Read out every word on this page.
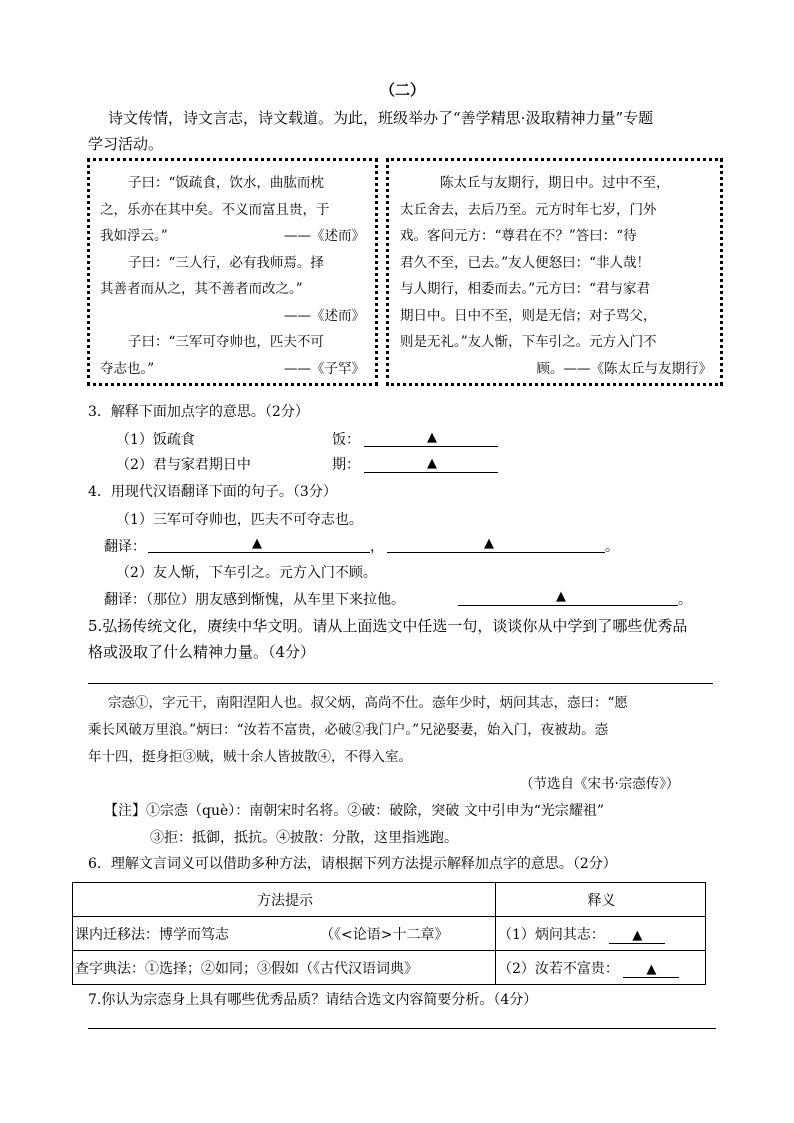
（二）
诗文传情，诗文言志，诗文载道。为此，班级举办了“善学精思·汲取精神力量”专题
学习活动。

子曰：“饭疏食，饮水，曲肱而枕

之，乐亦在其中矣。不义而富且贵，于

我如浮云。”	——《述而》

子曰：“三人行，必有我师焉。择

其善者而从之，其不善者而改之。”

——《述而》

子曰：“三军可夺帅也，匹夫不可

夺志也。”	——《子罕》

陈太丘与友期行，期日中。过中不至，

太丘舍去，去后乃至。元方时年七岁，门外

戏。客问元方：“尊君在不？”答曰：“待

君久不至，已去。”友人便怒曰：“非人哉！

与人期行，相委而去。”元方曰：“君与家君

期日中。日中不至，则是无信；对子骂父，

则是无礼。”友人惭，下车引之。元方入门不

顾。——《陈太丘与友期行》

3．解释下面加点字的意思。（2分）
（1）饭疏食	饭：	▲
（2）君与家君期日中	期：	▲
4．用现代汉语翻译下面的句子。（3分）
（1）三军可夺帅也，匹夫不可夺志也。
翻译：	▲	，	▲	。
（2）友人惭，下车引之。元方入门不顾。
翻译：（那位）朋友感到惭愧，从车里下来拉他。	▲	。
5.弘扬传统文化，赓续中华文明。请从上面选文中任选一句，谈谈你从中学到了哪些优秀品
格或汲取了什么精神力量。（4分）
宗悫①，字元干，南阳涅阳人也。叔父炳，高尚不仕。悫年少时，炳问其志，悫曰：“愿
乘长风破万里浪。”炳曰：“汝若不富贵，必破②我门户。”兄泌娶妻，始入门，夜被劫。悫
年十四，挺身拒③贼，贼十余人皆披散④，不得入室。
（节选自《宋书·宗悫传》）
【注】①宗悫（què）：南朝宋时名将。②破：破除，突破 文中引申为“光宗耀祖”
③拒：抵御，抵抗。④披散：分散，这里指逃跑。
6．理解文言词义可以借助多种方法，请根据下列方法提示解释加点字的意思。（2分）
方法提示	释义
课内迁移法：博学而笃志 （《<论语>十二章》	（1）炳问其志： ▲
查字典法：①选择；②如同；③假如（《古代汉语词典》	（2）汝若不富贵： ▲
7.你认为宗悫身上具有哪些优秀品质？请结合选文内容简要分析。（4分）
